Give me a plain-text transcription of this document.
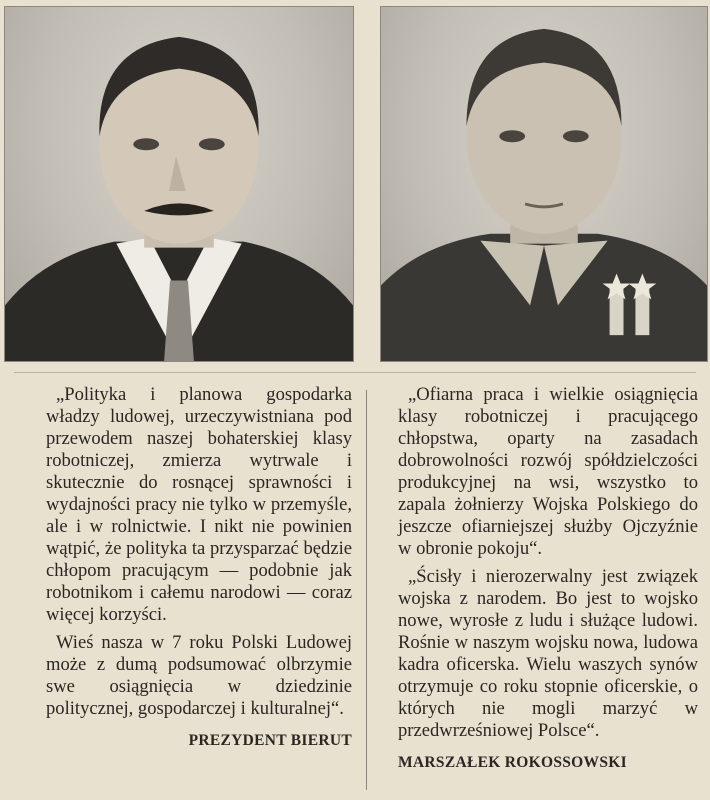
„Polityka i planowa gospodarka władzy ludowej, urzeczywistniana pod przewodem naszej bohaterskiej klasy robotniczej, zmierza wytrwale i skutecznie do rosnącej sprawności i wydajności pracy nie tylko w przemyśle, ale i w rolnictwie. I nikt nie powinien wątpić, że polityka ta przysparzać będzie chłopom pracującym — podobnie jak robotnikom i całemu narodowi — coraz więcej korzyści.

Wieś nasza w 7 roku Polski Ludowej może z dumą podsumować olbrzymie swe osiągnięcia w dziedzinie politycznej, gospodarczej i kulturalnej“.

PREZYDENT BIERUT

„Ofiarna praca i wielkie osiągnięcia klasy robotniczej i pracującego chłopstwa, oparty na zasadach dobrowolności rozwój spółdzielczości produkcyjnej na wsi, wszystko to zapala żołnierzy Wojska Polskiego do jeszcze ofiarniejszej służby Ojczyźnie w obronie pokoju“.

„Ścisły i nierozerwalny jest związek wojska z narodem. Bo jest to wojsko nowe, wyrosłe z ludu i służące ludowi. Rośnie w naszym wojsku nowa, ludowa kadra oficerska. Wielu waszych synów otrzymuje co roku stopnie oficerskie, o których nie mogli marzyć w przedwrześniowej Polsce“.

MARSZAŁEK ROKOSSOWSKI
